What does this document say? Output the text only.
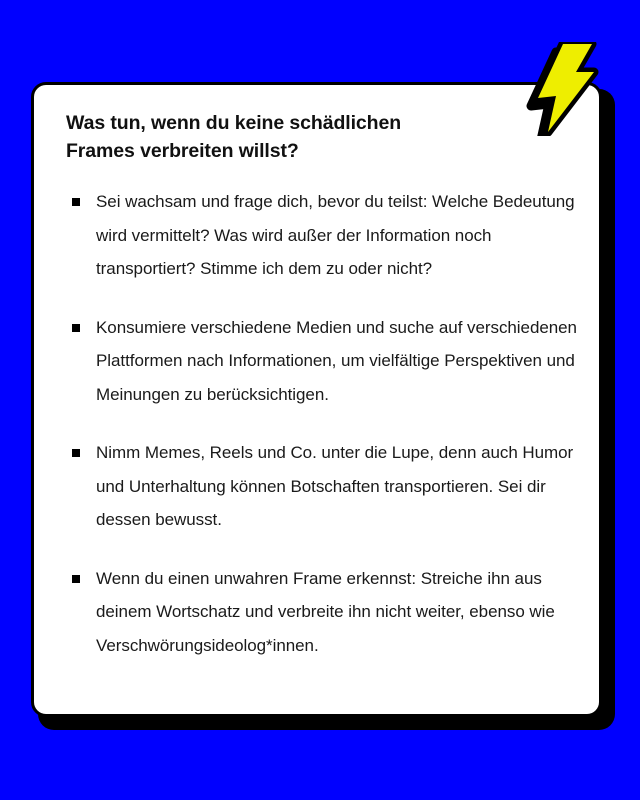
Was tun, wenn du keine schädlichen
Frames verbreiten willst?
Sei wachsam und frage dich, bevor du teilst: Welche Bedeutung wird vermittelt? Was wird außer der Information noch transportiert? Stimme ich dem zu oder nicht?
Konsumiere verschiedene Medien und suche auf verschiedenen Plattformen nach Informationen, um vielfältige Perspektiven und Meinungen zu berücksichtigen.
Nimm Memes, Reels und Co. unter die Lupe, denn auch Humor und Unterhaltung können Botschaften transportieren. Sei dir dessen bewusst.
Wenn du einen unwahren Frame erkennst: Streiche ihn aus deinem Wortschatz und verbreite ihn nicht weiter, ebenso wie Verschwörungsideolog*innen.
